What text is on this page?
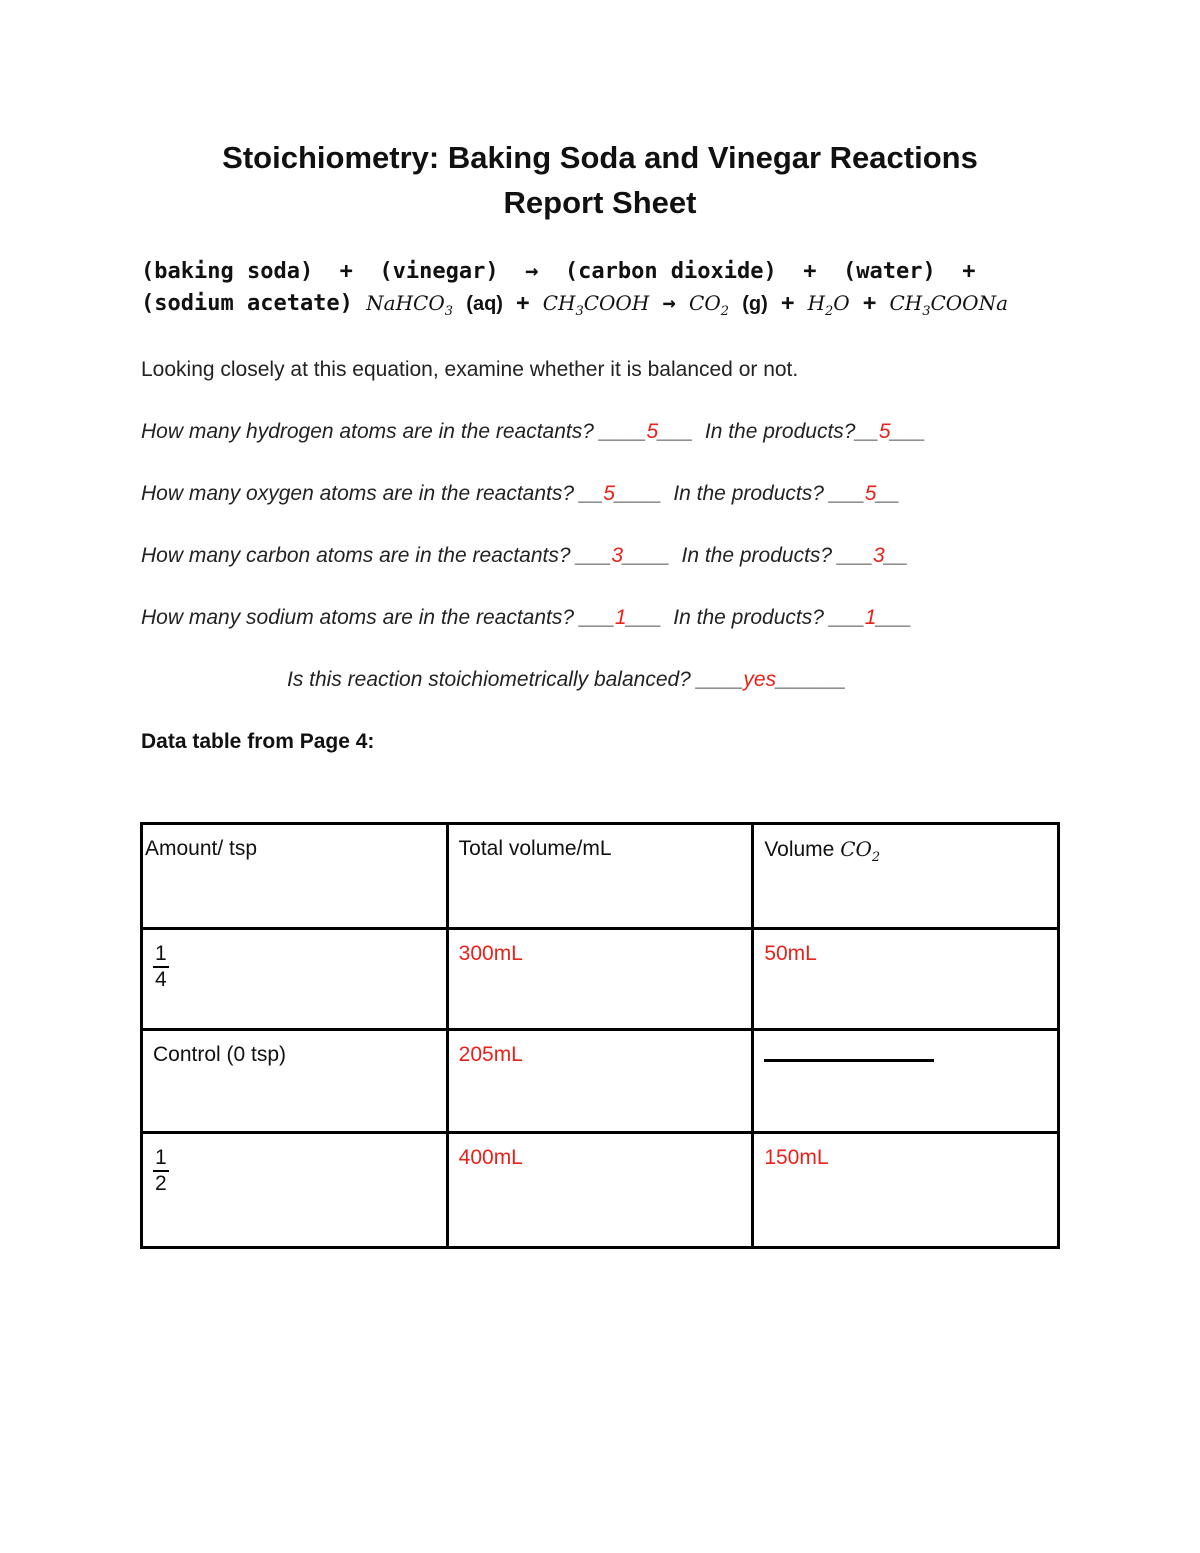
Stoichiometry: Baking Soda and Vinegar Reactions
Report Sheet
(baking soda)  +  (vinegar)  →  (carbon dioxide)  +  (water)  +
(sodium acetate) NaHCO$_3$ $(aq) + CH_3COOH \to CO_2$ $(g) + H_2O$ + $CH_3COONa$
Looking closely at this equation, examine whether it is balanced or not.
How many hydrogen atoms are in the reactants? ____5___  In the products?__5___
How many oxygen atoms are in the reactants? __5____  In the products? ___5__
How many carbon atoms are in the reactants? ___3____  In the products? ___3__
How many sodium atoms are in the reactants? ___1___  In the products? ___1___
Is this reaction stoichiometrically balanced? ____yes______
Data table from Page 4:
Amount/ tsp	Total volume/mL	Volume $CO_2$

$\frac{1}{4}$	300mL	50mL
Control (0 tsp)	205mL	

$\frac{1}{2}$	400mL	150mL
